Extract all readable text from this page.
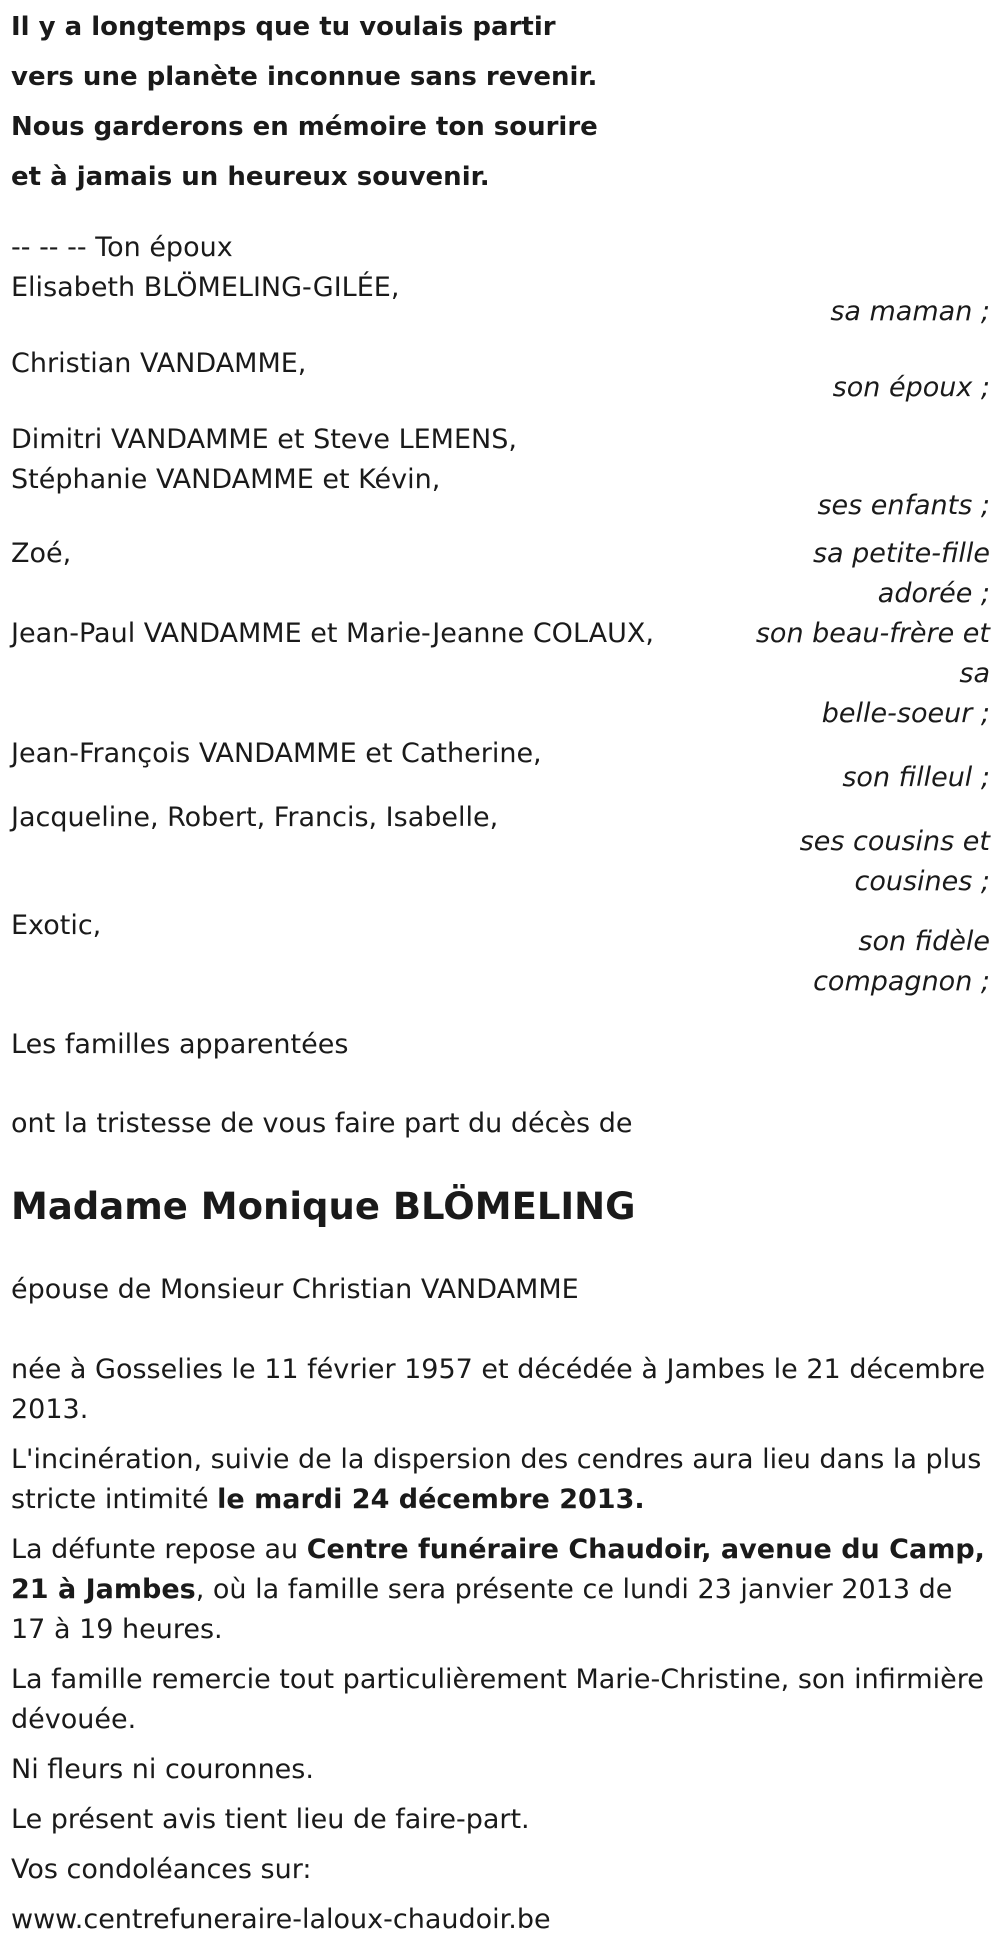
Il y a longtemps que tu voulais partir
vers une planète inconnue sans revenir.
Nous garderons en mémoire ton sourire
et à jamais un heureux souvenir.
-- -- -- Ton époux
Elisabeth BLÖMELING-GILÉE,
sa maman ;
Christian VANDAMME,
son époux ;
Dimitri VANDAMME et Steve LEMENS,
Stéphanie VANDAMME et Kévin,
ses enfants ;
Zoé,	sa petite-fille
adorée ;
Jean-Paul VANDAMME et Marie-Jeanne COLAUX,	son beau-frère et sa
belle-soeur ;
Jean-François VANDAMME et Catherine,
son filleul ;
Jacqueline, Robert, Francis, Isabelle,
ses cousins et
cousines ;
Exotic,
son fidèle
compagnon ;
Les familles apparentées
ont la tristesse de vous faire part du décès de
Madame Monique BLÖMELING

épouse de Monsieur Christian VANDAMME

née à Gosselies le 11 février 1957 et décédée à Jambes le 21 décembre 2013.

L'incinération, suivie de la dispersion des cendres aura lieu dans la plus stricte intimité le mardi 24 décembre 2013.

La défunte repose au Centre funéraire Chaudoir, avenue du Camp, 21 à Jambes, où la famille sera présente ce lundi 23 janvier 2013 de 17 à 19 heures.

La famille remercie tout particulièrement Marie-Christine, son infirmière dévouée.

Ni fleurs ni couronnes.

Le présent avis tient lieu de faire-part.

Vos condoléances sur:

www.centrefuneraire-laloux-chaudoir.be
